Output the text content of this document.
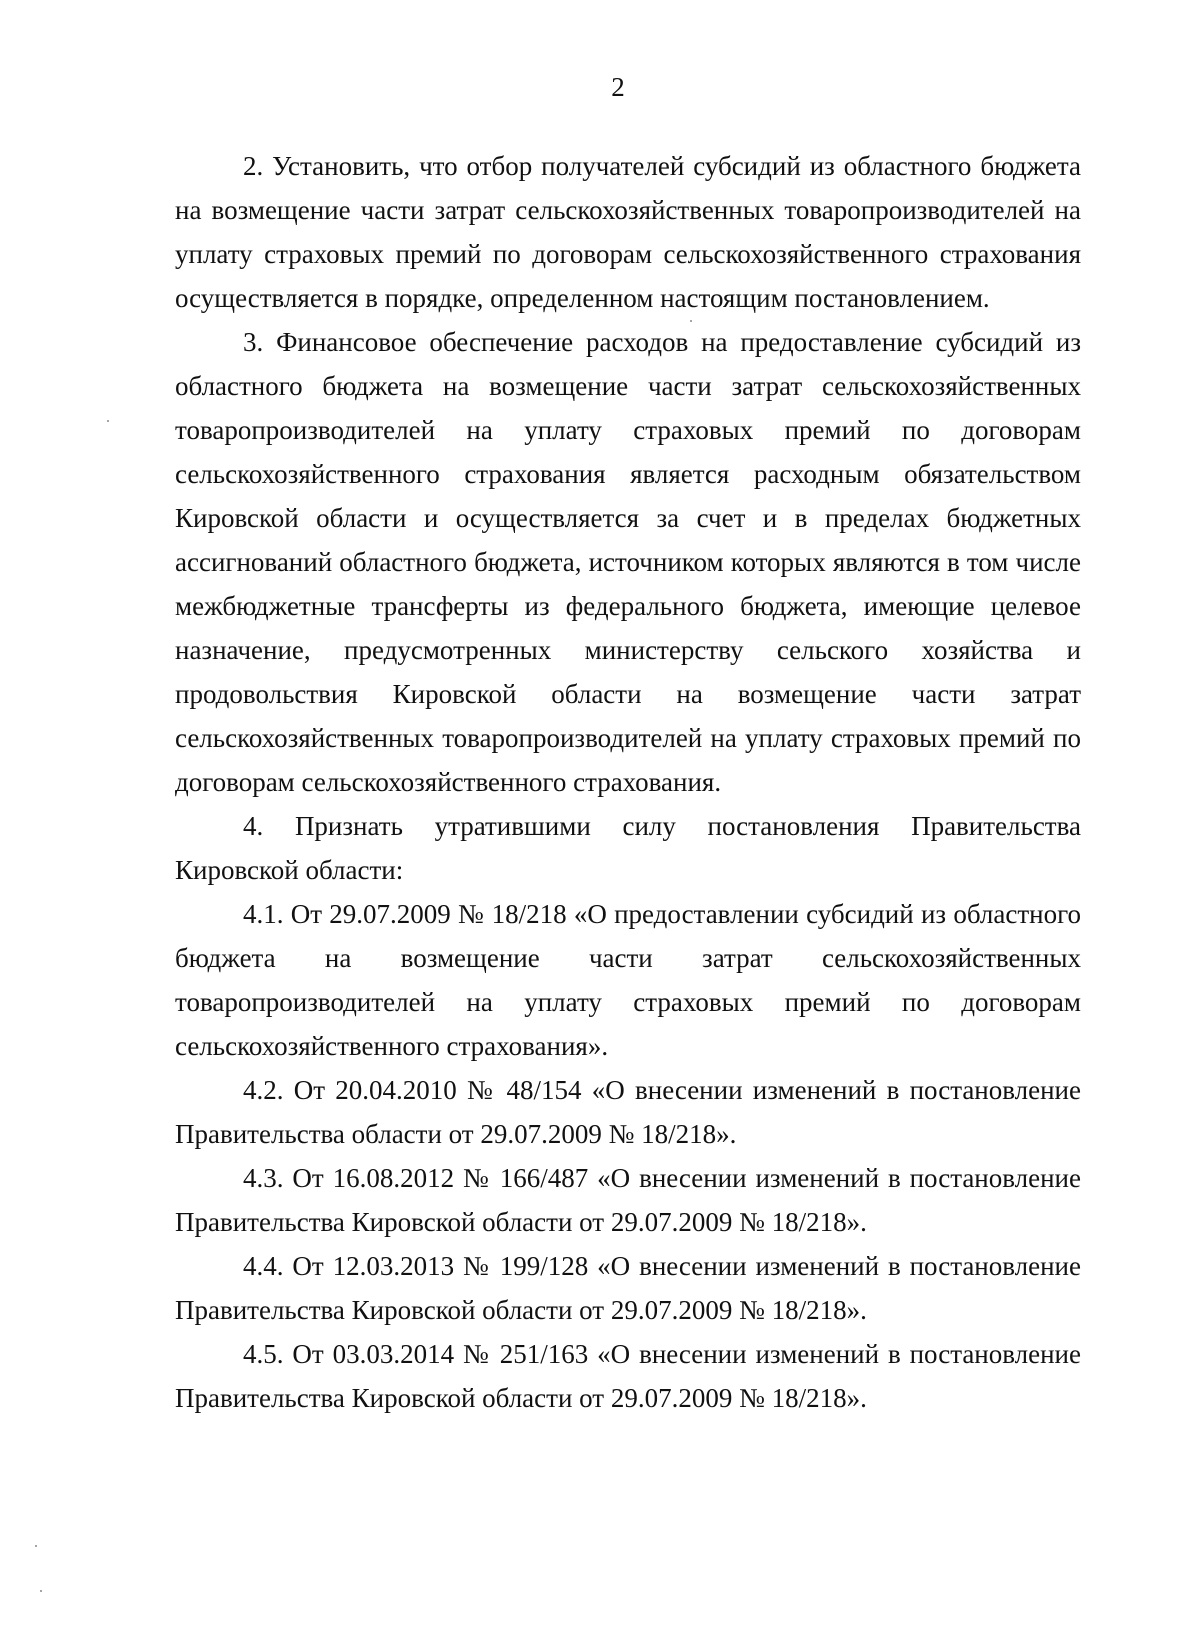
2

2. Установить, что отбор получателей субсидий из областного бюджета на возмещение части затрат сельскохозяйственных товаропроизводителей на уплату страховых премий по договорам сельскохозяйственного страхования осуществляется в порядке, определенном настоящим постановлением.

3. Финансовое обеспечение расходов на предоставление субсидий из областного бюджета на возмещение части затрат сельскохозяйственных товаропроизводителей на уплату страховых премий по договорам сельскохозяйственного страхования является расходным обязательством Кировской области и осуществляется за счет и в пределах бюджетных ассигнований областного бюджета, источником которых являются в том числе межбюджетные трансферты из федерального бюджета, имеющие целевое назначение, предусмотренных министерству сельского хозяйства и продовольствия Кировской области на возмещение части затрат сельскохозяйственных товаропроизводителей на уплату страховых премий по договорам сельскохозяйственного страхования.

4. Признать утратившими силу постановления Правительства Кировской области:

4.1. От 29.07.2009 № 18/218 «О предоставлении субсидий из областного бюджета на возмещение части затрат сельскохозяйственных товаропроизводителей на уплату страховых премий по договорам сельскохозяйственного страхования».

4.2. От 20.04.2010 № 48/154 «О внесении изменений в постановление Правительства области от 29.07.2009 № 18/218».

4.3. От 16.08.2012 № 166/487 «О внесении изменений в постановление Правительства Кировской области от 29.07.2009 № 18/218».

4.4. От 12.03.2013 № 199/128 «О внесении изменений в постановление Правительства Кировской области от 29.07.2009 № 18/218».

4.5. От 03.03.2014 № 251/163 «О внесении изменений в постановление Правительства Кировской области от 29.07.2009 № 18/218».
